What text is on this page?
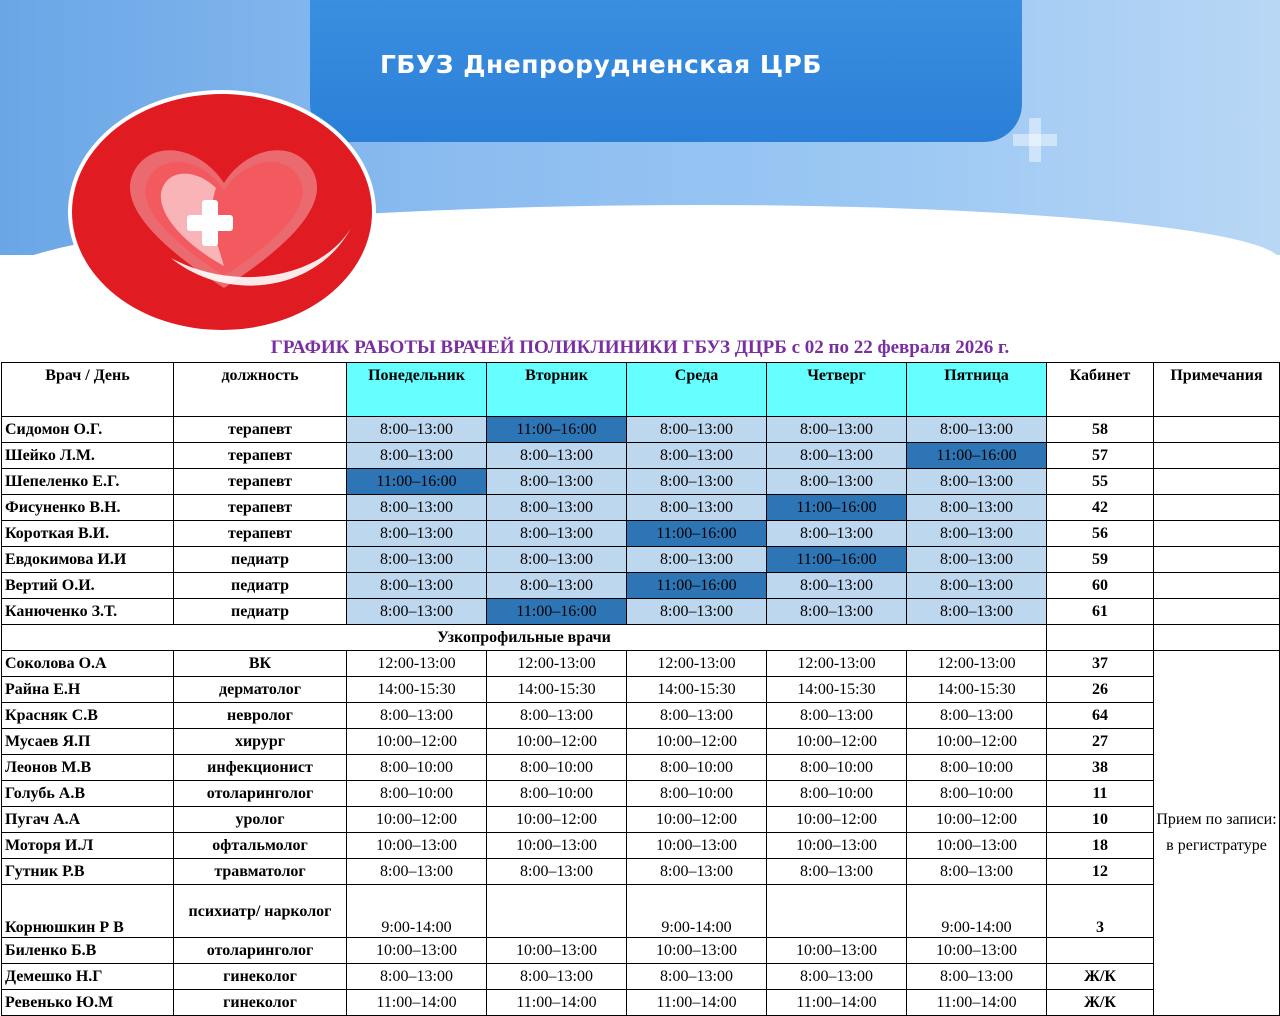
ГБУЗ Днепрорудненская ЦРБ
ГРАФИК РАБОТЫ ВРАЧЕЙ ПОЛИКЛИНИКИ ГБУЗ ДЦРБ с 02 по 22 февраля 2026 г.
Врач / День	должность	Понедельник	Вторник	Среда	Четверг	Пятница	Кабинет	Примечания
Сидомон О.Г.	терапевт	8:00–13:00	11:00–16:00	8:00–13:00	8:00–13:00	8:00–13:00	58	
Шейко Л.М.	терапевт	8:00–13:00	8:00–13:00	8:00–13:00	8:00–13:00	11:00–16:00	57	
Шепеленко Е.Г.	терапевт	11:00–16:00	8:00–13:00	8:00–13:00	8:00–13:00	8:00–13:00	55	
Фисуненко В.Н.	терапевт	8:00–13:00	8:00–13:00	8:00–13:00	11:00–16:00	8:00–13:00	42	
Короткая В.И.	терапевт	8:00–13:00	8:00–13:00	11:00–16:00	8:00–13:00	8:00–13:00	56	
Евдокимова И.И	педиатр	8:00–13:00	8:00–13:00	8:00–13:00	11:00–16:00	8:00–13:00	59	
Вертий О.И.	педиатр	8:00–13:00	8:00–13:00	11:00–16:00	8:00–13:00	8:00–13:00	60	
Канюченко З.Т.	педиатр	8:00–13:00	11:00–16:00	8:00–13:00	8:00–13:00	8:00–13:00	61	
Узкопрофильные врачи								
Соколова О.А	ВК	12:00-13:00	12:00-13:00	12:00-13:00	12:00-13:00	12:00-13:00	37	Прием по записи: в регистратуре
Райна Е.Н	дерматолог	14:00-15:30	14:00-15:30	14:00-15:30	14:00-15:30	14:00-15:30	26	
Красняк С.В	невролог	8:00–13:00	8:00–13:00	8:00–13:00	8:00–13:00	8:00–13:00	64	
Мусаев Я.П	хирург	10:00–12:00	10:00–12:00	10:00–12:00	10:00–12:00	10:00–12:00	27	
Леонов М.В	инфекционист	8:00–10:00	8:00–10:00	8:00–10:00	8:00–10:00	8:00–10:00	38	
Голубь А.В	отоларинголог	8:00–10:00	8:00–10:00	8:00–10:00	8:00–10:00	8:00–10:00	11	
Пугач А.А	уролог	10:00–12:00	10:00–12:00	10:00–12:00	10:00–12:00	10:00–12:00	10	
Моторя И.Л	офтальмолог	10:00–13:00	10:00–13:00	10:00–13:00	10:00–13:00	10:00–13:00	18	
Гутник Р.В	травматолог	8:00–13:00	8:00–13:00	8:00–13:00	8:00–13:00	8:00–13:00	12	
Корнюшкин Р В	психиатр/ нарколог	9:00-14:00		9:00-14:00		9:00-14:00	3	
Биленко Б.В	отоларинголог	10:00–13:00	10:00–13:00	10:00–13:00	10:00–13:00	10:00–13:00		
Демешко Н.Г	гинеколог	8:00–13:00	8:00–13:00	8:00–13:00	8:00–13:00	8:00–13:00	Ж/К	
Ревенько Ю.М	гинеколог	11:00–14:00	11:00–14:00	11:00–14:00	11:00–14:00	11:00–14:00	Ж/К	
